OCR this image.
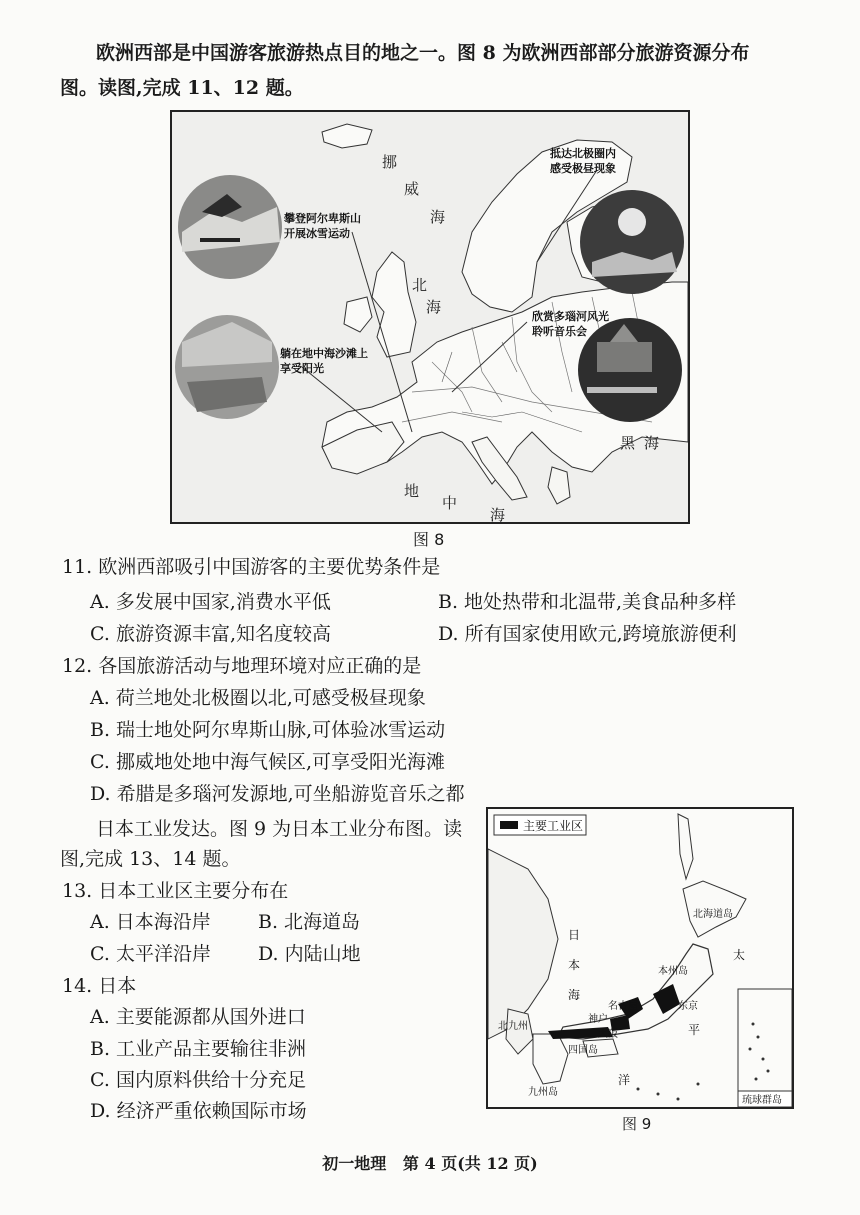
欧洲西部是中国游客旅游热点目的地之一。图 8 为欧洲西部部分旅游资源分布
图。读图,完成 11、12 题。
挪
威
海
北
海
黑 海
地
中
海
攀登阿尔卑斯山
开展冰雪运动
抵达北极圈内
感受极昼现象
躺在地中海沙滩上
享受阳光
欣赏多瑙河风光
聆听音乐会
图 8
11. 欧洲西部吸引中国游客的主要优势条件是
A. 多发展中国家,消费水平低	B. 地处热带和北温带,美食品种多样
C. 旅游资源丰富,知名度较高	D. 所有国家使用欧元,跨境旅游便利
12. 各国旅游活动与地理环境对应正确的是
A. 荷兰地处北极圈以北,可感受极昼现象
B. 瑞士地处阿尔卑斯山脉,可体验冰雪运动
C. 挪威地处地中海气候区,可享受阳光海滩
D. 希腊是多瑙河发源地,可坐船游览音乐之都
日本工业发达。图 9 为日本工业分布图。读
图,完成 13、14 题。
13. 日本工业区主要分布在
A. 日本海沿岸 B. 北海道岛
C. 太平洋沿岸 D. 内陆山地
14. 日本
A. 主要能源都从国外进口
B. 工业产品主要输往非洲
C. 国内原料供给十分充足
D. 经济严重依赖国际市场
主要工业区
琉球群岛
北海道岛
本州岛
四国岛
九州岛
日
本
海
太
平
洋
北九州
神户
大阪
名古屋	东京
图 9
初一地理   第 4 页(共 12 页)
